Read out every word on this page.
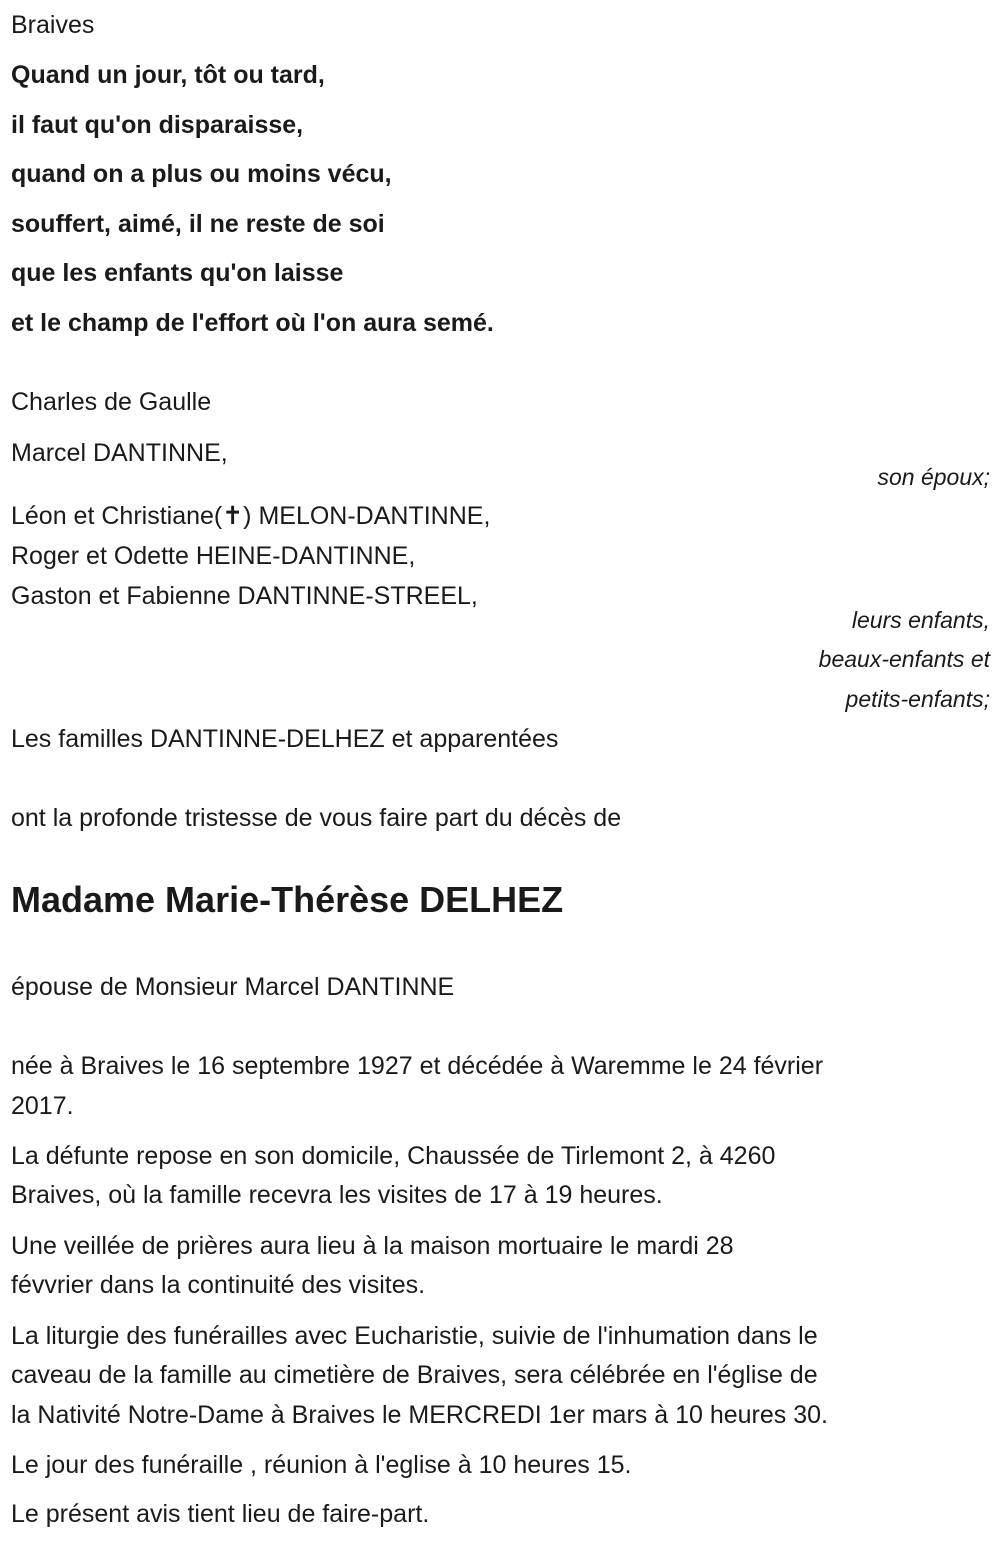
Braives
Quand un jour, tôt ou tard,
il faut qu'on disparaisse,
quand on a plus ou moins vécu,
souffert, aimé, il ne reste de soi
que les enfants qu'on laisse
et le champ de l'effort où l'on aura semé.
Charles de Gaulle
Marcel DANTINNE,
son époux;
Léon et Christiane(✝) MELON-DANTINNE,
Roger et Odette HEINE-DANTINNE,
Gaston et Fabienne DANTINNE-STREEL,
leurs enfants,
beaux-enfants et
petits-enfants;
Les familles DANTINNE-DELHEZ et apparentées
ont la profonde tristesse de vous faire part du décès de
Madame Marie-Thérèse DELHEZ
épouse de Monsieur Marcel DANTINNE
née à Braives le 16 septembre 1927 et décédée à Waremme le 24 février
2017.
La défunte repose en son domicile, Chaussée de Tirlemont 2, à 4260
Braives, où la famille recevra les visites de 17 à 19 heures.
Une veillée de prières aura lieu à la maison mortuaire le mardi 28
févvrier dans la continuité des visites.
La liturgie des funérailles avec Eucharistie, suivie de l'inhumation dans le
caveau de la famille au cimetière de Braives, sera célébrée en l'église de
la Nativité Notre-Dame à Braives le MERCREDI 1er mars à 10 heures 30.
Le jour des funéraille , réunion à l'eglise à 10 heures 15.
Le présent avis tient lieu de faire-part.
